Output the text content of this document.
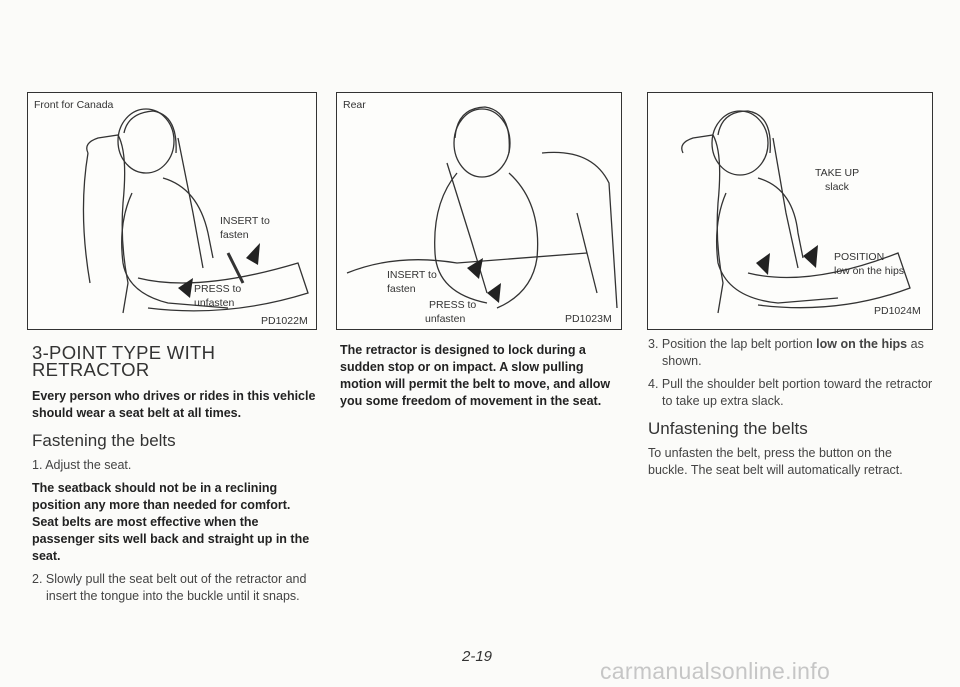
Front for Canada
INSERT to
fasten
PRESS to
unfasten
PD1022M
Rear
INSERT to
fasten
PRESS to
unfasten	PD1023M
TAKE UP
slack
POSITION
low on the hips
PD1024M
3-POINT TYPE WITH RETRACTOR
Every person who drives or rides in this vehicle should wear a seat belt at all times.
Fastening the belts
1. Adjust the seat.
The seatback should not be in a reclining position any more than needed for comfort. Seat belts are most effective when the passenger sits well back and straight up in the seat.
2. Slowly pull the seat belt out of the retractor and insert the tongue into the buckle until it snaps.
The retractor is designed to lock during a sudden stop or on impact. A slow pulling motion will permit the belt to move, and allow you some freedom of movement in the seat.
3. Position the lap belt portion low on the hips as shown.
4. Pull the shoulder belt portion toward the retractor to take up extra slack.
Unfastening the belts
To unfasten the belt, press the button on the buckle. The seat belt will automatically retract.
2-19
carmanualsonline.info
